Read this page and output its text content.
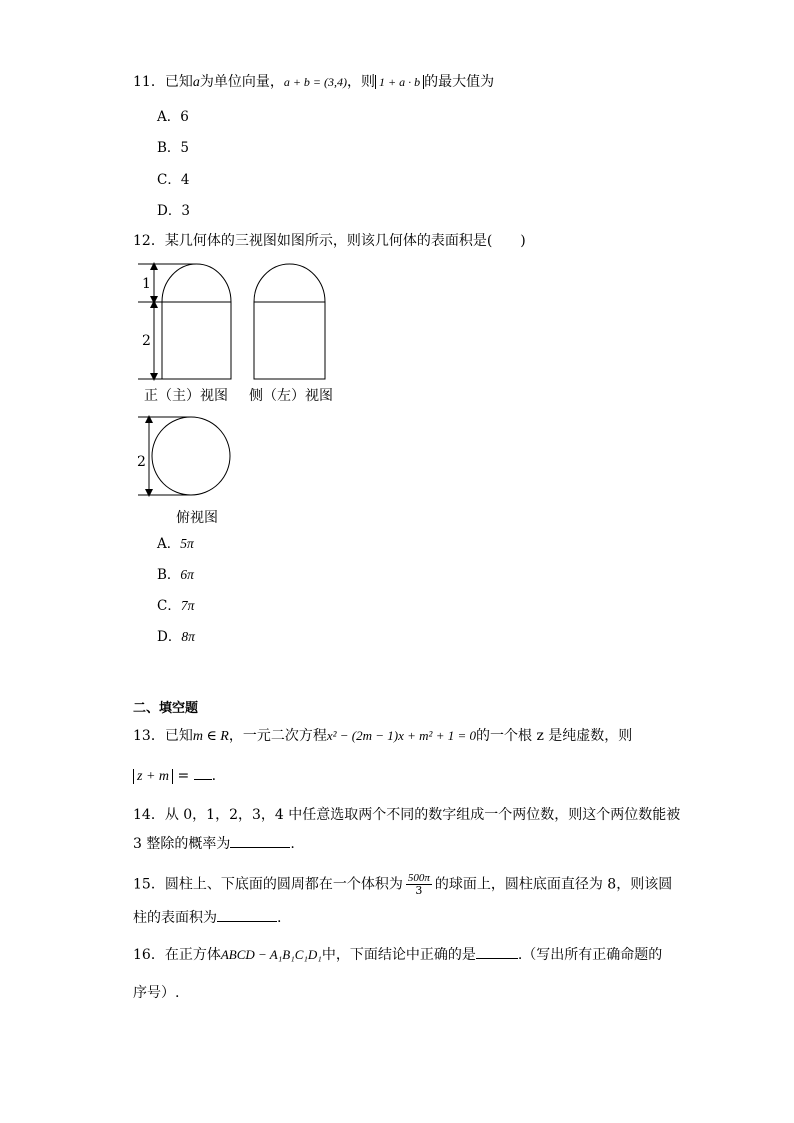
11．已知a为单位向量，a + b = (3,4)，则 1 + a · b 的最大值为
A．6
B．5
C．4
D．3
12．某几何体的三视图如图所示，则该几何体的表面积是(　　)
1
2
正（主）视图 侧（左）视图
2
俯视图
A．5π
B．6π
C．7π
D．8π
二、填空题
13．已知m ∈ R，一元二次方程x² − (2m − 1)x + m² + 1 = 0的一个根 z 是纯虚数，则
z + m = .
14．从 0，1，2，3，4 中任意选取两个不同的数字组成一个两位数，则这个两位数能被
3 整除的概率为	.
15．圆柱上、下底面的圆周都在一个体积为 $\frac{500\pi}{3}$ 的球面上，圆柱底面直径为 8，则该圆
柱的表面积为	.
16．在正方体ABCD − A₁B₁C₁D₁中，下面结论中正确的是	.（写出所有正确命题的
序号）.
